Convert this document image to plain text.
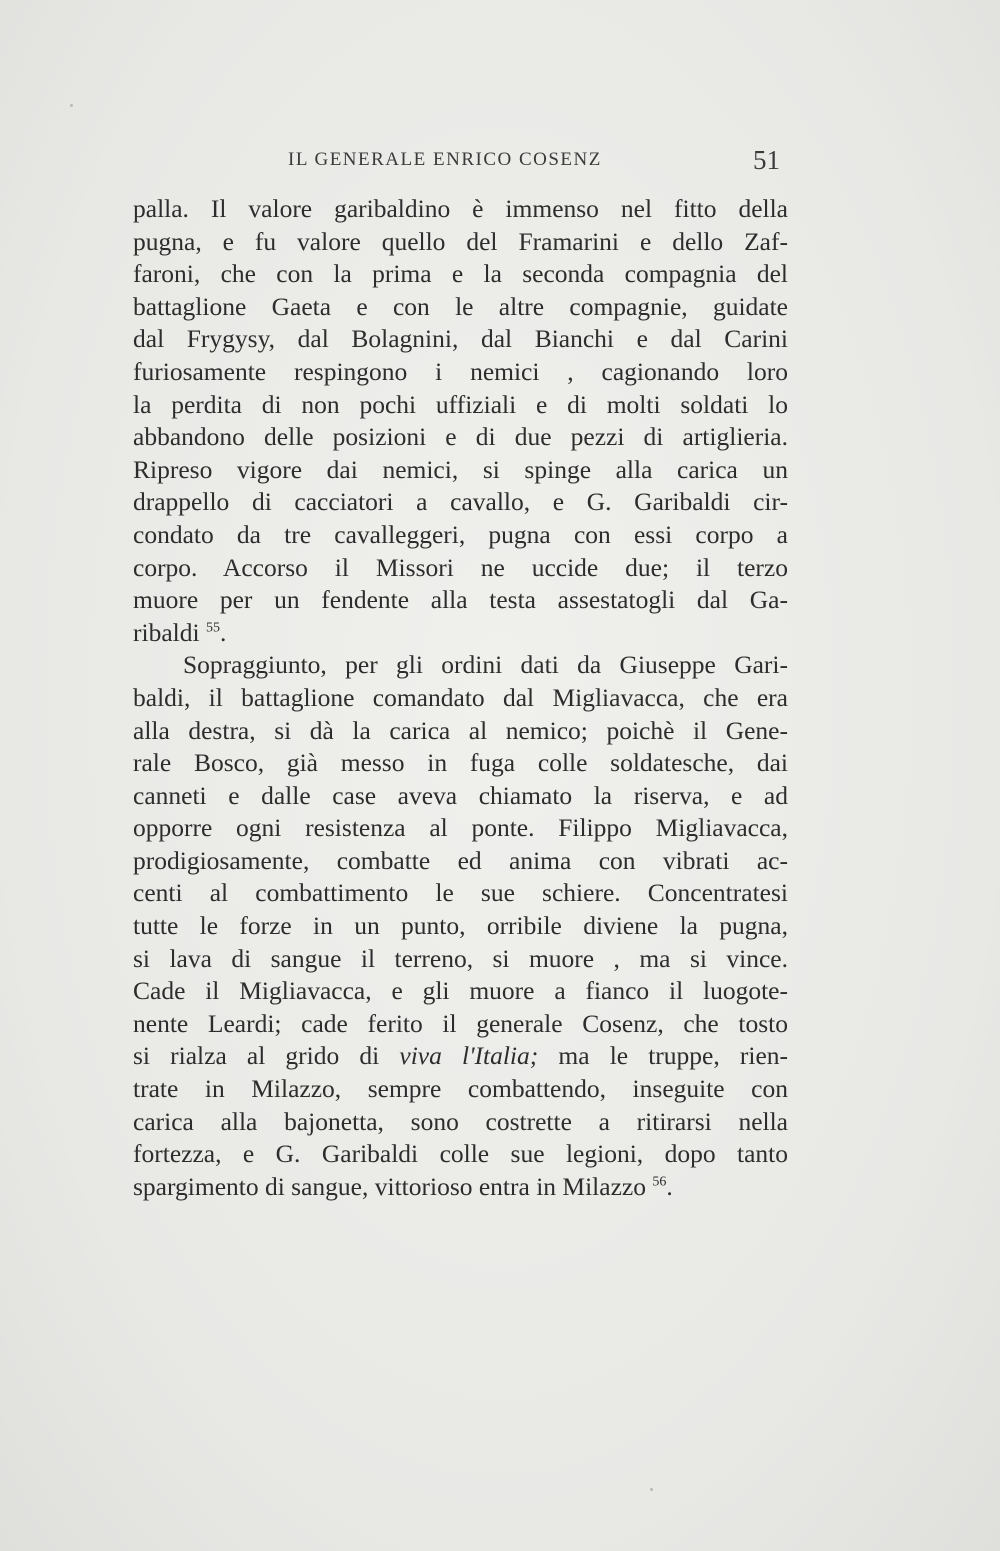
IL GENERALE ENRICO COSENZ	51
palla. Il valore garibaldino è immenso nel fitto della
pugna, e fu valore quello del Framarini e dello Zaf-
faroni, che con la prima e la seconda compagnia del
battaglione Gaeta e con le altre compagnie, guidate
dal Frygysy, dal Bolagnini, dal Bianchi e dal Carini
furiosamente respingono i nemici , cagionando loro
la perdita di non pochi uffiziali e di molti soldati lo
abbandono delle posizioni e di due pezzi di artiglieria.
Ripreso vigore dai nemici, si spinge alla carica un
drappello di cacciatori a cavallo, e G. Garibaldi cir-
condato da tre cavalleggeri, pugna con essi corpo a
corpo. Accorso il Missori ne uccide due; il terzo
muore per un fendente alla testa assestatogli dal Ga-
ribaldi $^{55}$.
Sopraggiunto, per gli ordini dati da Giuseppe Gari-
baldi, il battaglione comandato dal Migliavacca, che era
alla destra, si dà la carica al nemico; poichè il Gene-
rale Bosco, già messo in fuga colle soldatesche, dai
canneti e dalle case aveva chiamato la riserva, e ad
opporre ogni resistenza al ponte. Filippo Migliavacca,
prodigiosamente, combatte ed anima con vibrati ac-
centi al combattimento le sue schiere. Concentratesi
tutte le forze in un punto, orribile diviene la pugna,
si lava di sangue il terreno, si muore , ma si vince.
Cade il Migliavacca, e gli muore a fianco il luogote-
nente Leardi; cade ferito il generale Cosenz, che tosto
si rialza al grido di viva l'Italia; ma le truppe, rien-
trate in Milazzo, sempre combattendo, inseguite con
carica alla bajonetta, sono costrette a ritirarsi nella
fortezza, e G. Garibaldi colle sue legioni, dopo tanto
spargimento di sangue, vittorioso entra in Milazzo $^{56}$.
